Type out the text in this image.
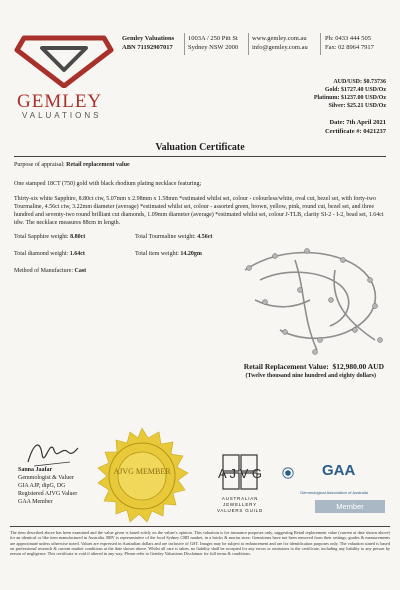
GEMLEY
VALUATIONS
Gemley Valuations
ABN 71192907017
1003A / 250 Pitt St
Sydney NSW 2000
www.gemley.com.au
info@gemley.com.au
Ph: 0433 444 505
Fax: 02 8964 7917
AUD/USD: $0.73736
Gold: $1727.40 USD/Oz
Platinum: $1237.00 USD/Oz
Silver: $25.21 USD/Oz
Date: 7th April 2021
Certificate #: 0421237
Valuation Certificate
Purpose of appraisal: Retail replacement value
One stamped 18CT (750) gold with black rhodium plating necklace featuring;
Thirty-six white Sapphire, 8.80ct ctw, 5.07mm x 2.98mm x 1.58mm *estimated whilst set, colour - colourless/white, oval cut, bezel set, with forty-two Tourmaline, 4.56ct ctw, 3.22mm diameter (average) *estimated whilst set, colour - assorted green, brown, yellow, pink, round cut, bezel set, and three hundred and seventy-two round brilliant cut diamonds, 1.09mm diameter (average) *estimated whilst set, colour J-TLB, clarity SI-2 - I-2, bead set, 1.64ct tdw. The necklace measures 88cm in length.
Total Sapphire weight: 8.80ct	Total Tourmaline weight: 4.56ct
Total diamond weight: 1.64ct	Total item weight: 14.20gm
Method of Manufacture: Cast
Retail Replacement Value: $12,980.00 AUD
(Twelve thousand nine hundred and eighty dollars)
Sanna Jaafar
Gemmologist & Valuer
GIA AJP, dipG, DG
Registered AJVG Valuer
GAA Member
AJVG MEMBER	A J V G
AUSTRALIAN JEWELLERY
VALUERS GUILD
GAA
Gemmological Association of Australia
Member
The item described above has been examined and the value given is based solely on the valuer's opinion. This valuation is for insurance purposes only, suggesting Retail replacement value (current at date shown above) for an identical or like item manufactured in Australia. RRV is representative of the local Sydney CBD market, in a bricks & mortar store. Gemstones have not been removed from their settings, grades & measurements are approximate unless otherwise noted. Values are expressed in Australian dollars and are inclusive of GST. Images may be subject to enhancement and are for identification purposes only. The valuation stated is based on professional research & current market conditions at the date shown above. Whilst all care is taken, no liability shall be accepted for any errors or omissions to the certificate, including any liability to any person by reason of negligence. This certificate is void if altered in any way. Please refer to Gemley Valuations Disclaimer for full terms & conditions.
